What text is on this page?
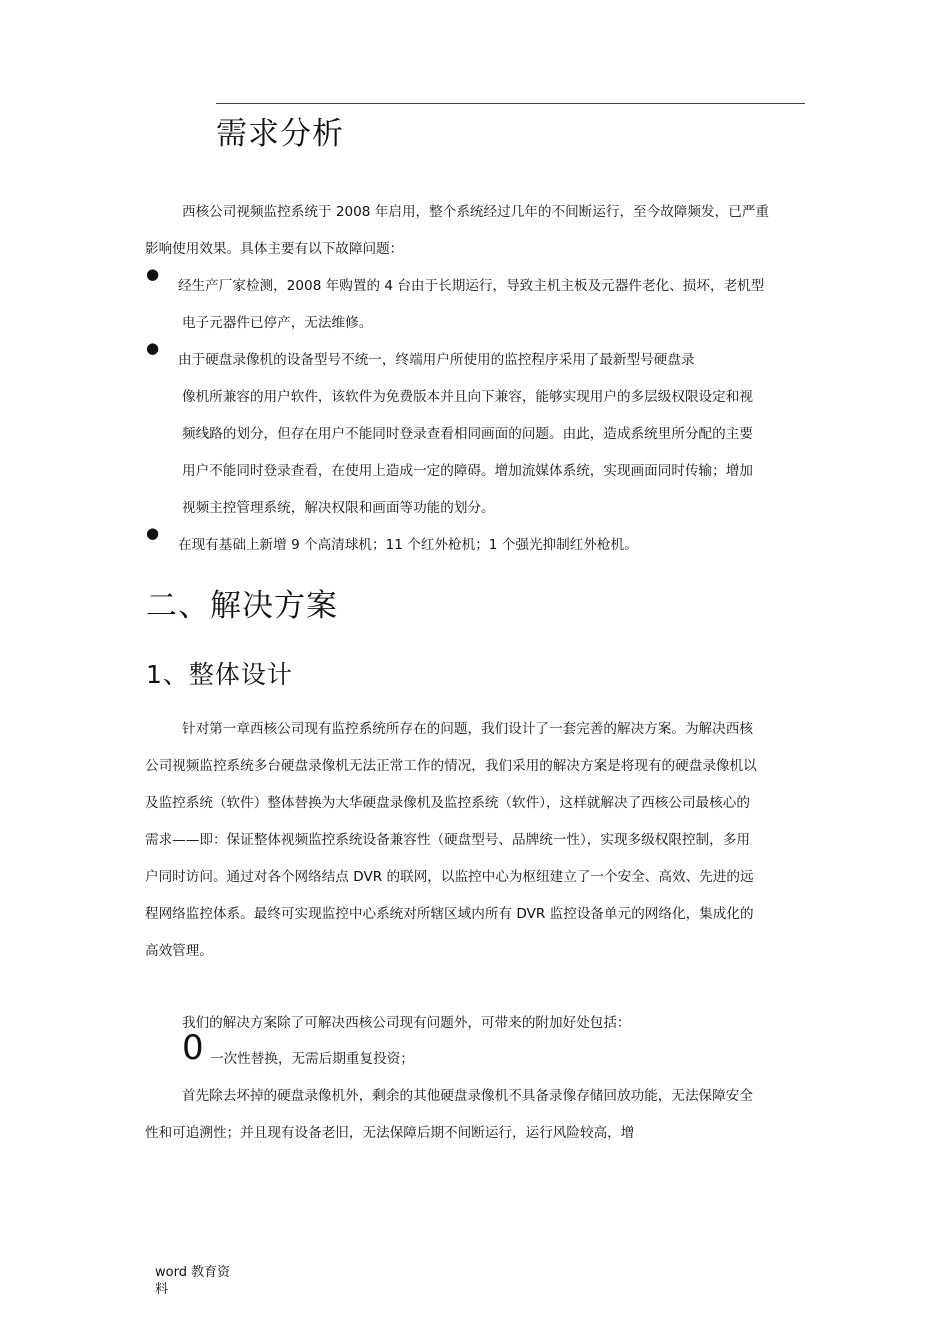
需求分析
西核公司视频监控系统于 2008 年启用，整个系统经过几年的不间断运行，至今故障频发，已严重
影响使用效果。具体主要有以下故障问题：
●
经生产厂家检测，2008 年购置的 4 台由于长期运行，导致主机主板及元器件老化、损坏，老机型
电子元器件已停产，无法维修。
●
由于硬盘录像机的设备型号不统一，终端用户所使用的监控程序采用了最新型号硬盘录
像机所兼容的用户软件，该软件为免费版本并且向下兼容，能够实现用户的多层级权限设定和视
频线路的划分，但存在用户不能同时登录查看相同画面的问题。由此，造成系统里所分配的主要
用户不能同时登录查看，在使用上造成一定的障碍。增加流媒体系统，实现画面同时传输；增加
视频主控管理系统，解决权限和画面等功能的划分。
●
在现有基础上新增 9 个高清球机；11 个红外枪机；1 个强光抑制红外枪机。
二、解决方案
1、整体设计
针对第一章西核公司现有监控系统所存在的问题，我们设计了一套完善的解决方案。为解决西核
公司视频监控系统多台硬盘录像机无法正常工作的情况，我们采用的解决方案是将现有的硬盘录像机以
及监控系统（软件）整体替换为大华硬盘录像机及监控系统（软件），这样就解决了西核公司最核心的
需求——即：保证整体视频监控系统设备兼容性（硬盘型号、品牌统一性），实现多级权限控制，多用
户同时访问。通过对各个网络结点 DVR 的联网，以监控中心为枢纽建立了一个安全、高效、先进的远
程网络监控体系。最终可实现监控中心系统对所辖区域内所有 DVR 监控设备单元的网络化，集成化的
高效管理。
我们的解决方案除了可解决西核公司现有问题外，可带来的附加好处包括：
0 一次性替换，无需后期重复投资；
首先除去坏掉的硬盘录像机外，剩余的其他硬盘录像机不具备录像存储回放功能，无法保障安全
性和可追溯性；并且现有设备老旧，无法保障后期不间断运行，运行风险较高，增
word 教育资
料
